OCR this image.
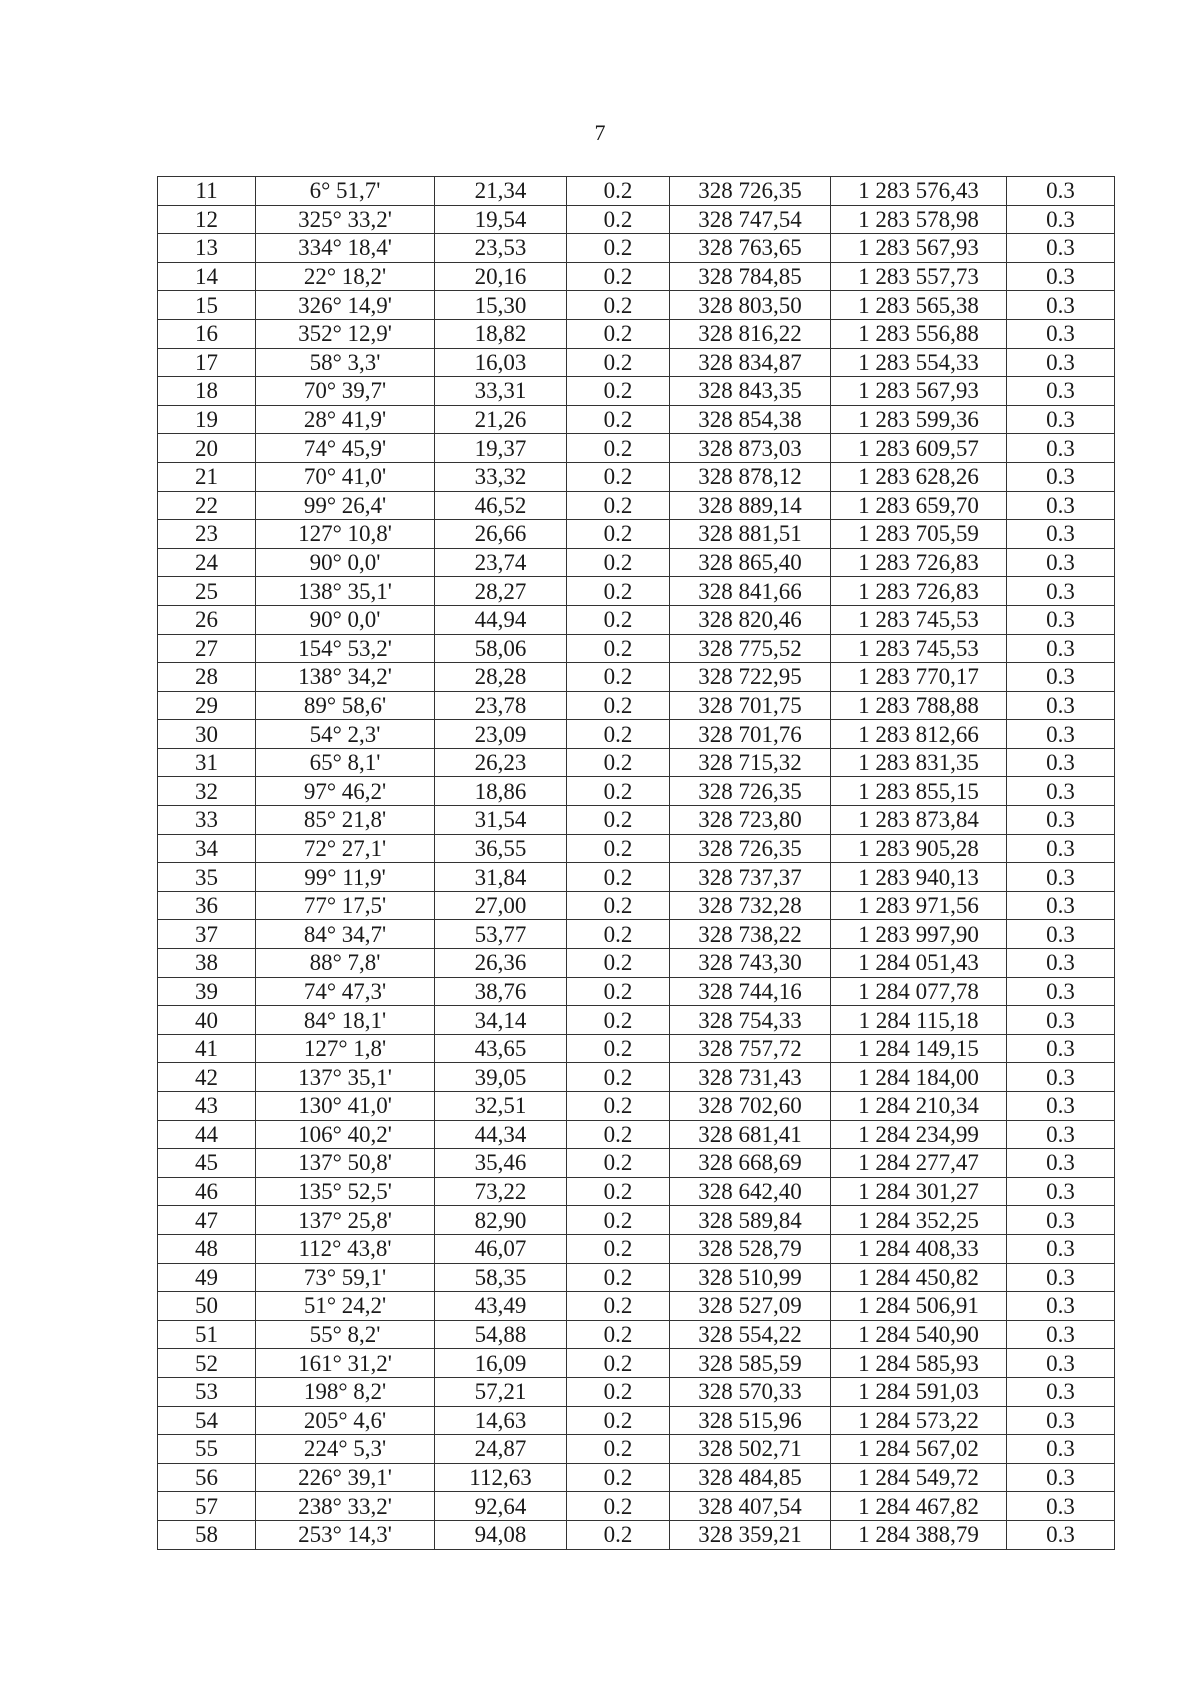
7
11	6° 51,7'	21,34	0.2	328 726,35	1 283 576,43	0.3
12	325° 33,2'	19,54	0.2	328 747,54	1 283 578,98	0.3
13	334° 18,4'	23,53	0.2	328 763,65	1 283 567,93	0.3
14	22° 18,2'	20,16	0.2	328 784,85	1 283 557,73	0.3
15	326° 14,9'	15,30	0.2	328 803,50	1 283 565,38	0.3
16	352° 12,9'	18,82	0.2	328 816,22	1 283 556,88	0.3
17	58° 3,3'	16,03	0.2	328 834,87	1 283 554,33	0.3
18	70° 39,7'	33,31	0.2	328 843,35	1 283 567,93	0.3
19	28° 41,9'	21,26	0.2	328 854,38	1 283 599,36	0.3
20	74° 45,9'	19,37	0.2	328 873,03	1 283 609,57	0.3
21	70° 41,0'	33,32	0.2	328 878,12	1 283 628,26	0.3
22	99° 26,4'	46,52	0.2	328 889,14	1 283 659,70	0.3
23	127° 10,8'	26,66	0.2	328 881,51	1 283 705,59	0.3
24	90° 0,0'	23,74	0.2	328 865,40	1 283 726,83	0.3
25	138° 35,1'	28,27	0.2	328 841,66	1 283 726,83	0.3
26	90° 0,0'	44,94	0.2	328 820,46	1 283 745,53	0.3
27	154° 53,2'	58,06	0.2	328 775,52	1 283 745,53	0.3
28	138° 34,2'	28,28	0.2	328 722,95	1 283 770,17	0.3
29	89° 58,6'	23,78	0.2	328 701,75	1 283 788,88	0.3
30	54° 2,3'	23,09	0.2	328 701,76	1 283 812,66	0.3
31	65° 8,1'	26,23	0.2	328 715,32	1 283 831,35	0.3
32	97° 46,2'	18,86	0.2	328 726,35	1 283 855,15	0.3
33	85° 21,8'	31,54	0.2	328 723,80	1 283 873,84	0.3
34	72° 27,1'	36,55	0.2	328 726,35	1 283 905,28	0.3
35	99° 11,9'	31,84	0.2	328 737,37	1 283 940,13	0.3
36	77° 17,5'	27,00	0.2	328 732,28	1 283 971,56	0.3
37	84° 34,7'	53,77	0.2	328 738,22	1 283 997,90	0.3
38	88° 7,8'	26,36	0.2	328 743,30	1 284 051,43	0.3
39	74° 47,3'	38,76	0.2	328 744,16	1 284 077,78	0.3
40	84° 18,1'	34,14	0.2	328 754,33	1 284 115,18	0.3
41	127° 1,8'	43,65	0.2	328 757,72	1 284 149,15	0.3
42	137° 35,1'	39,05	0.2	328 731,43	1 284 184,00	0.3
43	130° 41,0'	32,51	0.2	328 702,60	1 284 210,34	0.3
44	106° 40,2'	44,34	0.2	328 681,41	1 284 234,99	0.3
45	137° 50,8'	35,46	0.2	328 668,69	1 284 277,47	0.3
46	135° 52,5'	73,22	0.2	328 642,40	1 284 301,27	0.3
47	137° 25,8'	82,90	0.2	328 589,84	1 284 352,25	0.3
48	112° 43,8'	46,07	0.2	328 528,79	1 284 408,33	0.3
49	73° 59,1'	58,35	0.2	328 510,99	1 284 450,82	0.3
50	51° 24,2'	43,49	0.2	328 527,09	1 284 506,91	0.3
51	55° 8,2'	54,88	0.2	328 554,22	1 284 540,90	0.3
52	161° 31,2'	16,09	0.2	328 585,59	1 284 585,93	0.3
53	198° 8,2'	57,21	0.2	328 570,33	1 284 591,03	0.3
54	205° 4,6'	14,63	0.2	328 515,96	1 284 573,22	0.3
55	224° 5,3'	24,87	0.2	328 502,71	1 284 567,02	0.3
56	226° 39,1'	112,63	0.2	328 484,85	1 284 549,72	0.3
57	238° 33,2'	92,64	0.2	328 407,54	1 284 467,82	0.3
58	253° 14,3'	94,08	0.2	328 359,21	1 284 388,79	0.3
